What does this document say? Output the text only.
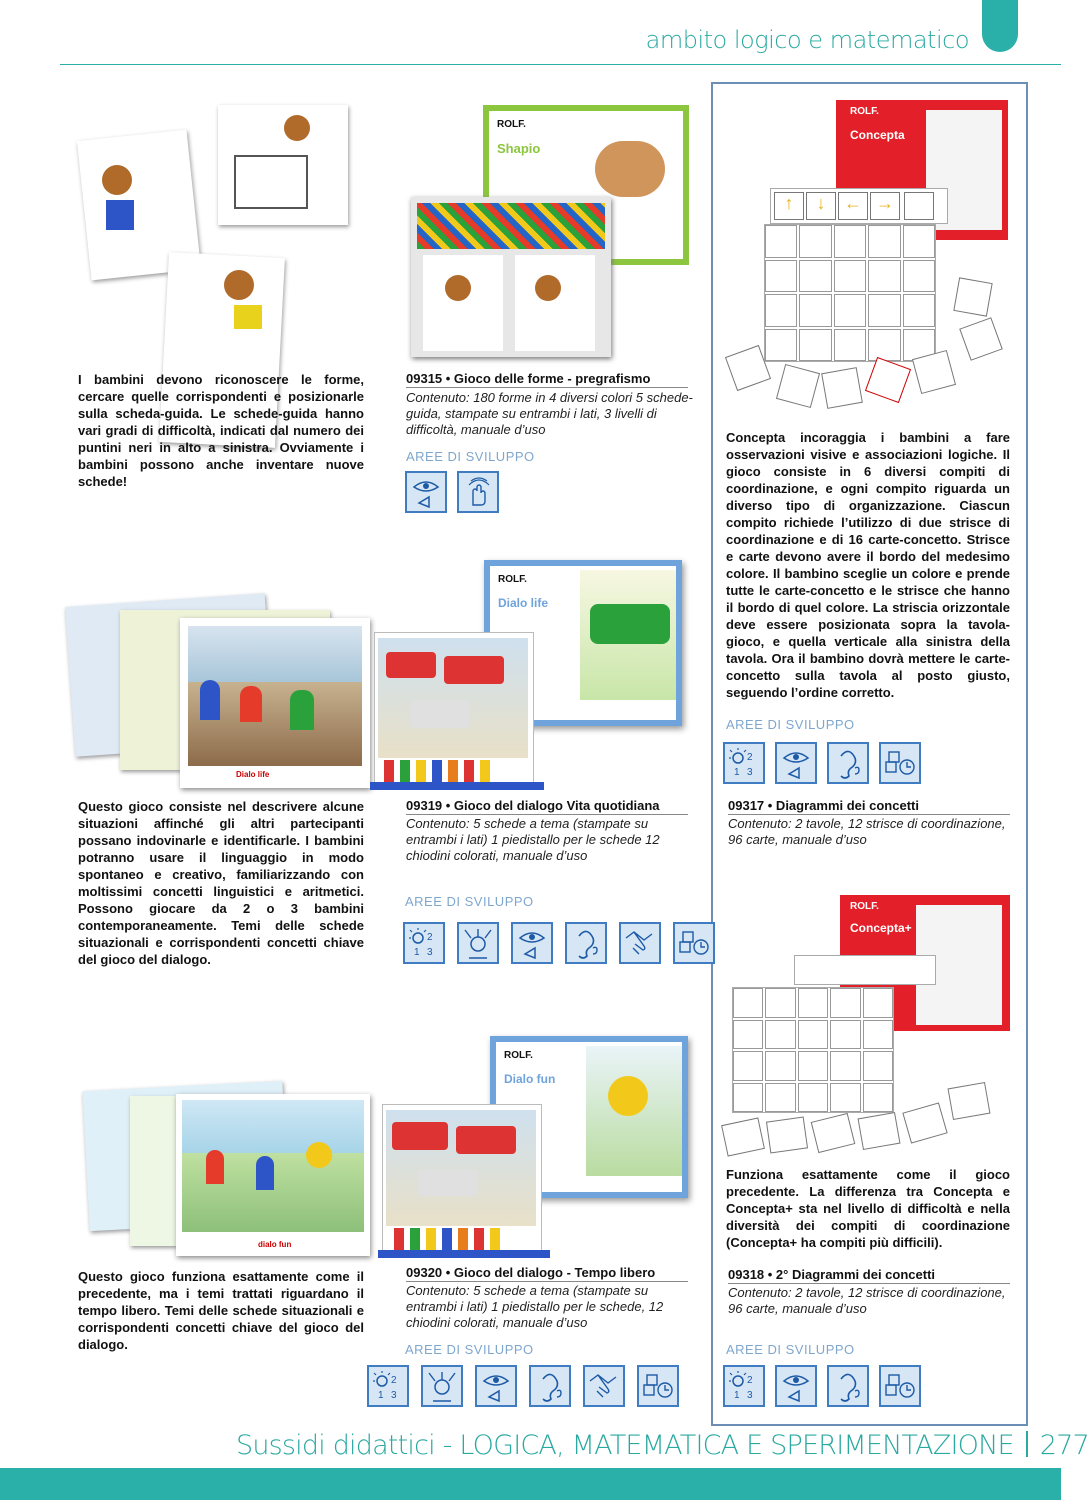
ambito logico e matematico
ROLF.
Shapio
I bambini devono riconoscere le forme, cercare quelle corrispondenti e posizionarle sulla scheda-guida. Le schede-guida hanno vari gradi di difficoltà, indicati dal numero dei puntini neri in alto a sinistra. Ovviamente i bambini possono anche inventare nuove schede!
09315 • Gioco delle forme - pregrafismo
Contenuto: 180 forme in 4 diversi colori 5 schede-guida, stampate su entrambi i lati, 3 livelli di difficoltà, manuale d’uso
AREE DI SVILUPPO
ROLF.
Concepta
↑	↓	← →
Concepta incoraggia i bambini a fare osservazioni visive e associazioni logiche. Il gioco consiste in 6 diversi compiti di coordinazione, e ogni compito riguarda un diverso tipo di organizzazione. Ciascun compito richiede l’utilizzo di due strisce di coordinazione e di 16 carte-concetto. Strisce e carte devono avere il bordo del medesimo colore. Il bambino sceglie un colore e prende tutte le carte-concetto e le strisce che hanno il bordo di quel colore. La striscia orizzontale deve essere posizionata sopra la tavola-gioco, e quella verticale alla sinistra della tavola. Ora il bambino dovrà mettere le carte-concetto sulla tavola al posto giusto, seguendo l’ordine corretto.
AREE DI SVILUPPO
09317 • Diagrammi dei concetti
Contenuto: 2 tavole, 12 strisce di coordinazione, 96 carte, manuale d’uso
Dialo life
ROLF.
Dialo life
Questo gioco consiste nel descrivere alcune situazioni affinché gli altri partecipanti possano indovinarle e identificarle. I bambini potranno usare il linguaggio in modo spontaneo e creativo, familiarizzando con moltissimi concetti linguistici e aritmetici. Possono giocare da 2 o 3 bambini contemporaneamente. Temi delle schede situazionali e corrispondenti concetti chiave del gioco del dialogo.
09319 • Gioco del dialogo Vita quotidiana
Contenuto: 5 schede a tema (stampate su entrambi i lati) 1 piedistallo per le schede 12 chiodini colorati, manuale d’uso
AREE DI SVILUPPO	ROLF.
Concepta+
Funziona esattamente come il gioco precedente. La differenza tra Concepta e Concepta+ sta nel livello di difficoltà e nella diversità dei compiti di coordinazione (Concepta+ ha compiti più difficili).
09318 • 2° Diagrammi dei concetti
Contenuto: 2 tavole, 12 strisce di coordinazione, 96 carte, manuale d’uso
AREE DI SVILUPPO
dialo fun
ROLF.
Dialo fun
Questo gioco funziona esattamente come il precedente, ma i temi trattati riguardano il tempo libero. Temi delle schede situazionali e corrispondenti concetti chiave del gioco del dialogo.
09320 • Gioco del dialogo - Tempo libero
Contenuto: 5 schede a tema (stampate su entrambi i lati) 1 piedistallo per le schede, 12 chiodini colorati, manuale d’uso
AREE DI SVILUPPO
Sussidi didattici - LOGICA, MATEMATICA E SPERIMENTAZIONE 277
